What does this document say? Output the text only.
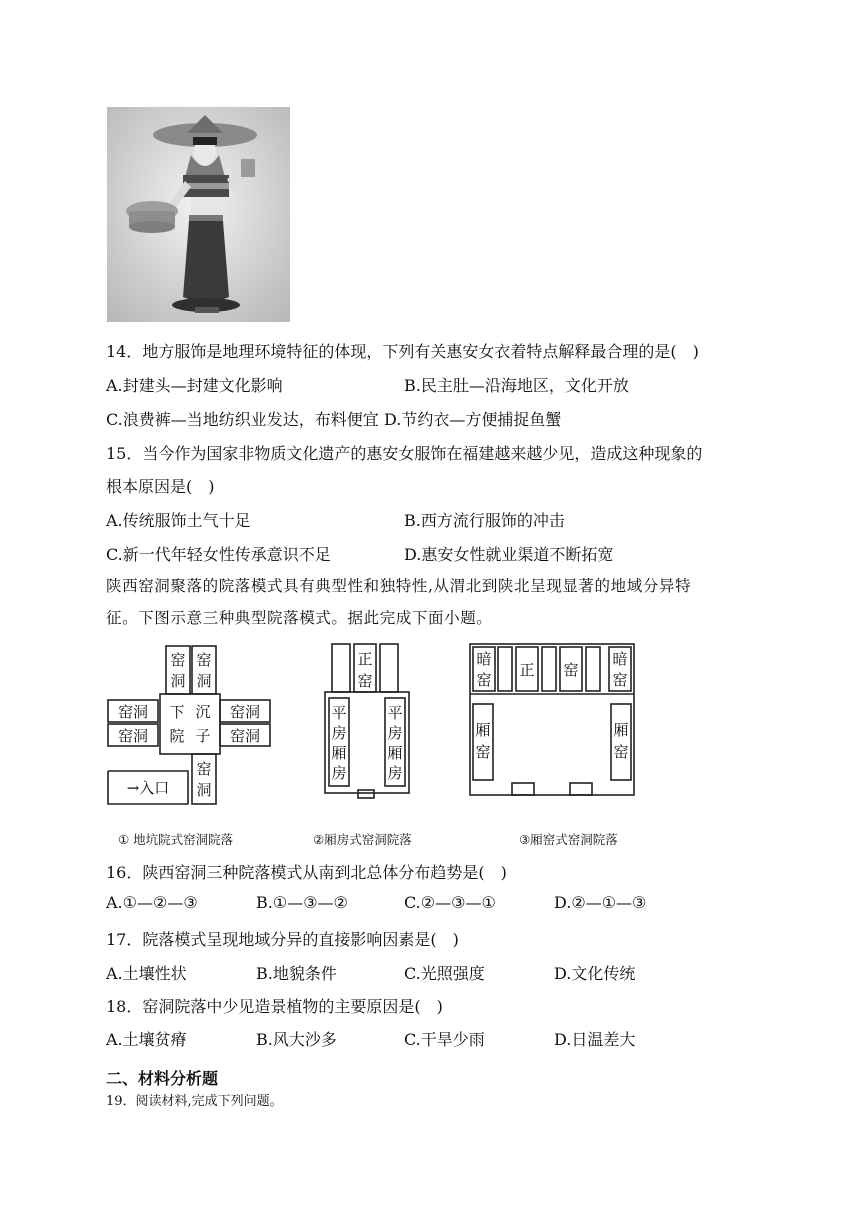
14．地方服饰是地理环境特征的体现，下列有关惠安女衣着特点解释最合理的是(　)
A.封建头—封建文化影响	B.民主肚—沿海地区，文化开放
C.浪费裤—当地纺织业发达，布料便宜 D.节约衣—方便捕捉鱼蟹
15．当今作为国家非物质文化遗产的惠安女服饰在福建越来越少见，造成这种现象的
根本原因是(　)
A.传统服饰土气十足	B.西方流行服饰的冲击
C.新一代年轻女性传承意识不足	D.惠安女性就业渠道不断拓宽
陕西窑洞聚落的院落模式具有典型性和独特性,从渭北到陕北呈现显著的地域分异特
征。下图示意三种典型院落模式。据此完成下面小题。
窑
洞
窑
洞
窑洞
窑洞
窑洞
窑洞
下 沉
院 子
窑
洞
→入口
正
窑
平
房
厢
房
平
房
厢
房
暗
窑
正 窑
暗
窑
厢
窑
厢
窑
① 地坑院式窑洞院落	②厢房式窑洞院落	③厢窑式窑洞院落
16．陕西窑洞三种院落模式从南到北总体分布趋势是(　)
A.①—②—③	B.①—③—②	C.②—③—①	D.②—①—③
17．院落模式呈现地域分异的直接影响因素是(　)
A.土壤性状	B.地貌条件	C.光照强度	D.文化传统
18．窑洞院落中少见造景植物的主要原因是(　)
A.土壤贫瘠	B.风大沙多	C.干旱少雨	D.日温差大
二、材料分析题
19．阅读材料,完成下列问题。
